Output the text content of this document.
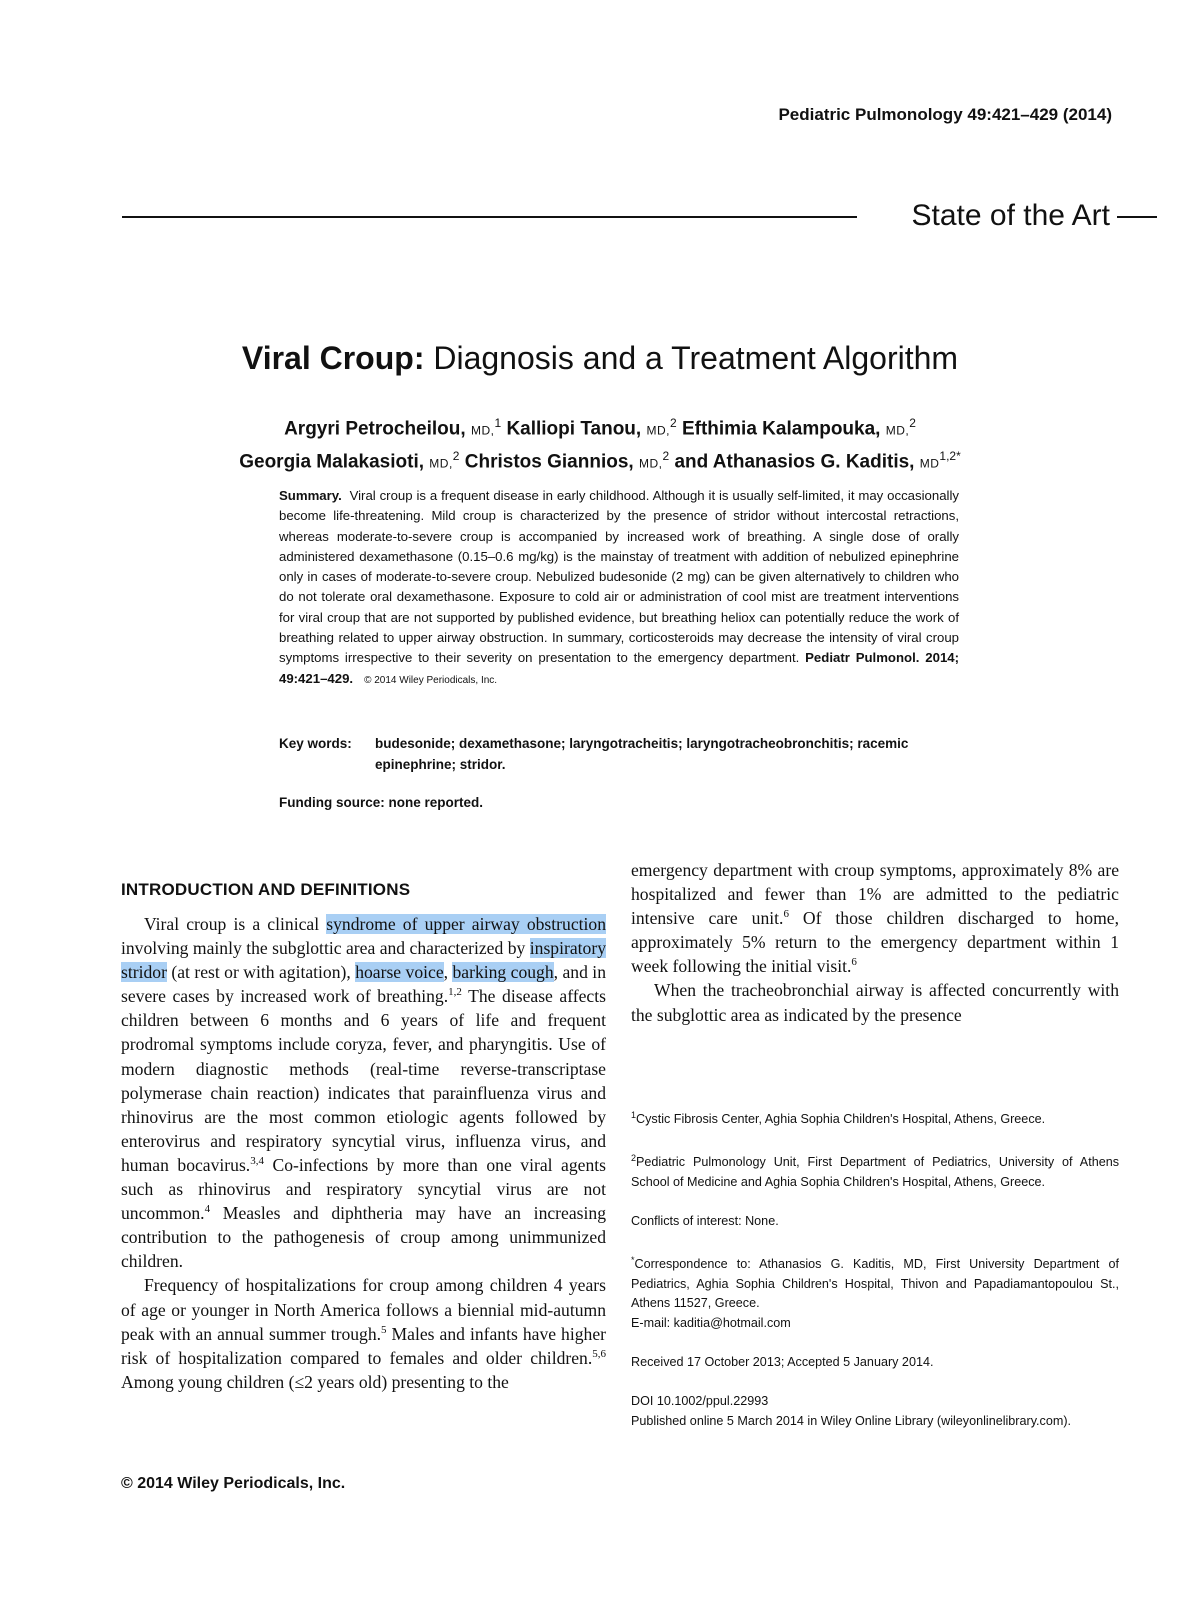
Pediatric Pulmonology 49:421–429 (2014)
State of the Art
Viral Croup: Diagnosis and a Treatment Algorithm
Argyri Petrocheilou, MD,$^1$ Kalliopi Tanou, MD,$^2$ Efthimia Kalampouka, MD,$^2$
Georgia Malakasioti, MD,$^2$ Christos Giannios, MD,$^2$ and Athanasios G. Kaditis, $MD^{1,2*}$
Summary. Viral croup is a frequent disease in early childhood. Although it is usually self-limited, it may occasionally become life-threatening. Mild croup is characterized by the presence of stridor without intercostal retractions, whereas moderate-to-severe croup is accompanied by increased work of breathing. A single dose of orally administered dexamethasone (0.15–0.6 mg/kg) is the mainstay of treatment with addition of nebulized epinephrine only in cases of moderate-to-severe croup. Nebulized budesonide (2 mg) can be given alternatively to children who do not tolerate oral dexamethasone. Exposure to cold air or administration of cool mist are treatment interventions for viral croup that are not supported by published evidence, but breathing heliox can potentially reduce the work of breathing related to upper airway obstruction. In summary, corticosteroids may decrease the intensity of viral croup symptoms irrespective to their severity on presentation to the emergency department. Pediatr Pulmonol. 2014; 49:421–429. © 2014 Wiley Periodicals, Inc.
Key words:	budesonide; dexamethasone; laryngotracheitis; laryngotracheobronchitis; racemic epinephrine; stridor.
Funding source: none reported.
INTRODUCTION AND DEFINITIONS

Viral croup is a clinical syndrome of upper airway obstruction involving mainly the subglottic area and characterized by inspiratory stridor (at rest or with agitation), hoarse voice, barking cough, and in severe cases by increased work of breathing.$^{1,2}$ The disease affects children between 6 months and 6 years of life and frequent prodromal symptoms include coryza, fever, and pharyngitis. Use of modern diagnostic methods (real-time reverse-transcriptase polymerase chain reaction) indicates that parainfluenza virus and rhinovirus are the most common etiologic agents followed by enterovirus and respiratory syncytial virus, influenza virus, and human bocavirus.$^{3,4}$ Co-infections by more than one viral agents such as rhinovirus and respiratory syncytial virus are not uncommon.$^4$ Measles and diphtheria may have an increasing contribution to the pathogenesis of croup among unimmunized children.

Frequency of hospitalizations for croup among children 4 years of age or younger in North America follows a biennial mid-autumn peak with an annual summer trough.$^5$ Males and infants have higher risk of hospitalization compared to females and older children.$^{5,6}$ Among young children (≤2 years old) presenting to the

emergency department with croup symptoms, approximately 8% are hospitalized and fewer than 1% are admitted to the pediatric intensive care unit.$^6$ Of those children discharged to home, approximately 5% return to the emergency department within 1 week following the initial visit.$^6$

When the tracheobronchial airway is affected concurrently with the subglottic area as indicated by the presence

$^1$Cystic Fibrosis Center, Aghia Sophia Children's Hospital, Athens, Greece.

$^2$Pediatric Pulmonology Unit, First Department of Pediatrics, University of Athens School of Medicine and Aghia Sophia Children's Hospital, Athens, Greece.

Conflicts of interest: None.

*Correspondence to: Athanasios G. Kaditis, MD, First University Department of Pediatrics, Aghia Sophia Children's Hospital, Thivon and Papadiamantopoulou St., Athens 11527, Greece.
E-mail: kaditia@hotmail.com

Received 17 October 2013; Accepted 5 January 2014.

DOI 10.1002/ppul.22993
Published online 5 March 2014 in Wiley Online Library (wileyonlinelibrary.com).

© 2014 Wiley Periodicals, Inc.
